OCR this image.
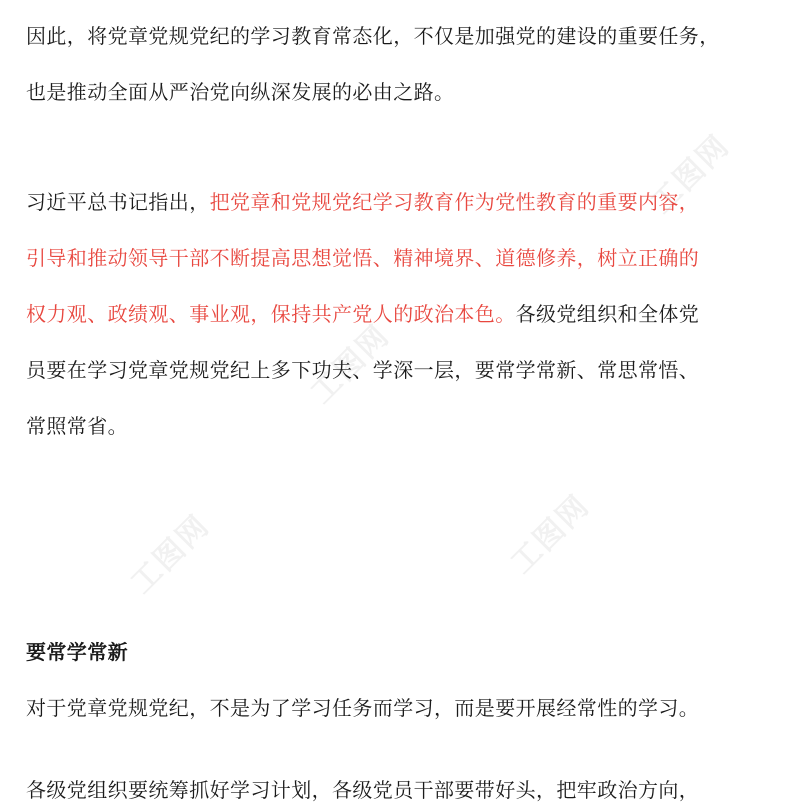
工图网
工图网
工图网	工图网
因此，将党章党规党纪的学习教育常态化，不仅是加强党的建设的重要任务，
也是推动全面从严治党向纵深发展的必由之路。
习近平总书记指出，把党章和党规党纪学习教育作为党性教育的重要内容，
引导和推动领导干部不断提高思想觉悟、精神境界、道德修养，树立正确的
权力观、政绩观、事业观，保持共产党人的政治本色。各级党组织和全体党
员要在学习党章党规党纪上多下功夫、学深一层，要常学常新、常思常悟、
常照常省。
要常学常新
对于党章党规党纪，不是为了学习任务而学习，而是要开展经常性的学习。
各级党组织要统筹抓好学习计划，各级党员干部要带好头，把牢政治方向，
